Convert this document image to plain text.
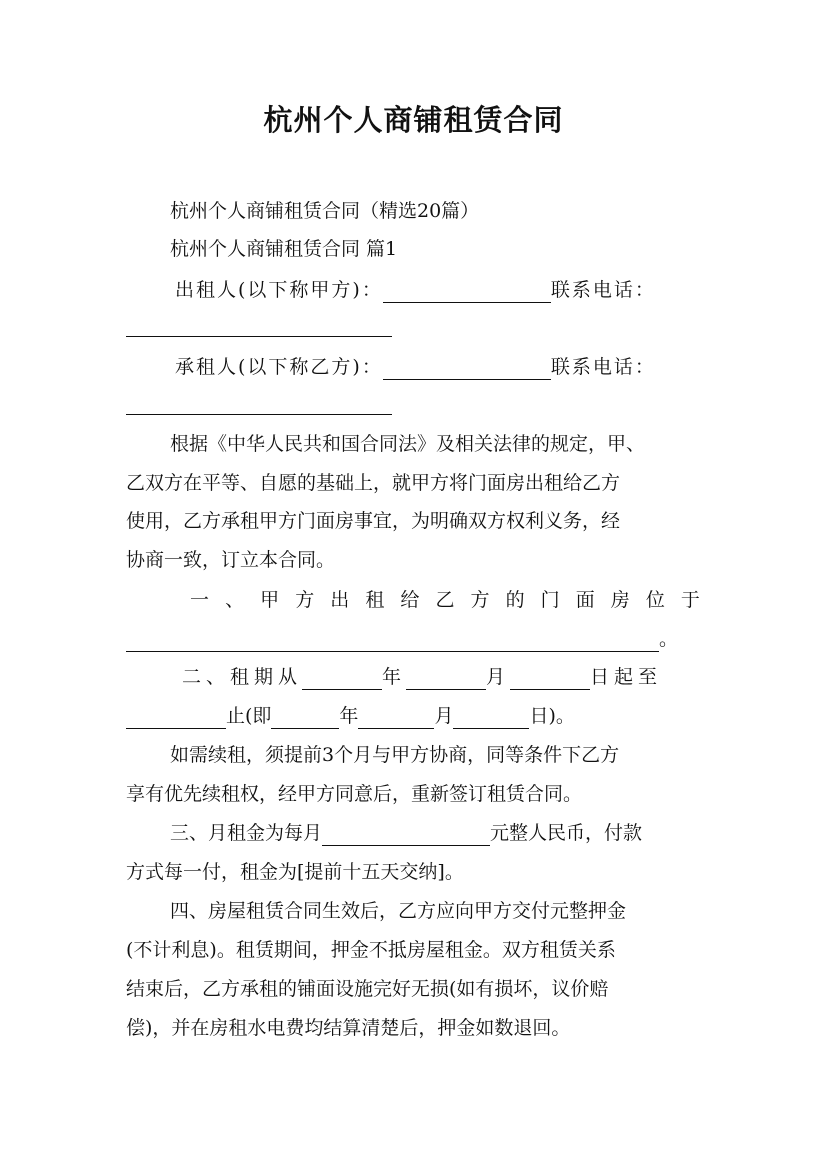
杭州个人商铺租赁合同
杭州个人商铺租赁合同（精选20篇）
杭州个人商铺租赁合同 篇1
出租人(以下称甲方)：	联系电话：
承租人(以下称乙方)：	联系电话：
根据《中华人民共和国合同法》及相关法律的规定，甲、
乙双方在平等、自愿的基础上，就甲方将门面房出租给乙方
使用，乙方承租甲方门面房事宜，为明确双方权利义务，经
协商一致，订立本合同。
一 、 甲 方 出 租 给 乙 方 的 门 面 房 位 于
。
二、租期从	年	月	日起至
止(即	年	月	日)。
如需续租，须提前3个月与甲方协商，同等条件下乙方
享有优先续租权，经甲方同意后，重新签订租赁合同。
三、月租金为每月	元整人民币，付款
方式每一付，租金为[提前十五天交纳]。
四、房屋租赁合同生效后，乙方应向甲方交付元整押金
(不计利息)。租赁期间，押金不抵房屋租金。双方租赁关系
结束后，乙方承租的铺面设施完好无损(如有损坏，议价赔
偿)，并在房租水电费均结算清楚后，押金如数退回。
